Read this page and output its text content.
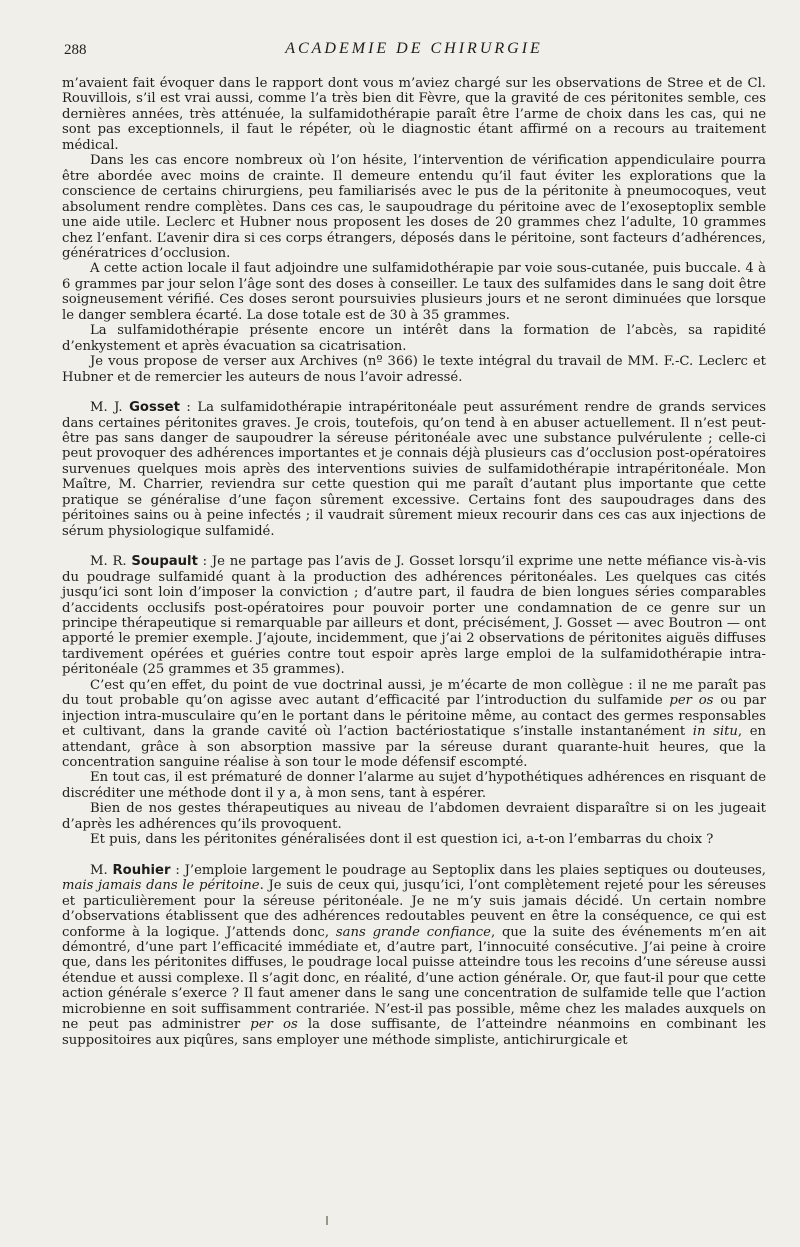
288	ACADEMIE DE CHIRURGIE

m’avaient fait évoquer dans le rapport dont vous m’aviez chargé sur les observations de Stree et de Cl. Rouvillois, s’il est vrai aussi, comme l’a très bien dit Fèvre, que la gravité de ces péritonites semble, ces dernières années, très atténuée, la sulfamidothérapie paraît être l’arme de choix dans les cas, qui ne sont pas exceptionnels, il faut le répéter, où le diagnostic étant affirmé on a recours au traitement médical.

Dans les cas encore nombreux où l’on hésite, l’intervention de vérification appendiculaire pourra être abordée avec moins de crainte. Il demeure entendu qu’il faut éviter les explorations que la conscience de certains chirurgiens, peu familiarisés avec le pus de la péritonite à pneumocoques, veut absolument rendre complètes. Dans ces cas, le saupoudrage du péritoine avec de l’exoseptoplix semble une aide utile. Leclerc et Hubner nous proposent les doses de 20 grammes chez l’adulte, 10 grammes chez l’enfant. L’avenir dira si ces corps étrangers, déposés dans le péritoine, sont facteurs d’adhérences, génératrices d’occlusion.

A cette action locale il faut adjoindre une sulfamidothérapie par voie sous-cutanée, puis buccale. 4 à 6 grammes par jour selon l’âge sont des doses à conseiller. Le taux des sulfamides dans le sang doit être soigneusement vérifié. Ces doses seront poursuivies plusieurs jours et ne seront diminuées que lorsque le danger semblera écarté. La dose totale est de 30 à 35 grammes.

La sulfamidothérapie présente encore un intérêt dans la formation de l’abcès, sa rapidité d’enkystement et après évacuation sa cicatrisation.

Je vous propose de verser aux Archives (nº 366) le texte intégral du travail de MM. F.-C. Leclerc et Hubner et de remercier les auteurs de nous l’avoir adressé.

M. J. Gosset : La sulfamidothérapie intrapéritonéale peut assurément rendre de grands services dans certaines péritonites graves. Je crois, toutefois, qu’on tend à en abuser actuellement. Il n’est peut-être pas sans danger de saupoudrer la séreuse péritonéale avec une substance pulvérulente ; celle-ci peut provoquer des adhérences importantes et je connais déjà plusieurs cas d’occlusion post-opératoires survenues quelques mois après des interventions suivies de sulfamidothérapie intrapéritonéale. Mon Maître, M. Charrier, reviendra sur cette question qui me paraît d’autant plus importante que cette pratique se généralise d’une façon sûrement excessive. Certains font des saupoudrages dans des péritoines sains ou à peine infectés ; il vaudrait sûrement mieux recourir dans ces cas aux injections de sérum physiologique sulfamidé.

M. R. Soupault : Je ne partage pas l’avis de J. Gosset lorsqu’il exprime une nette méfiance vis-à-vis du poudrage sulfamidé quant à la production des adhérences péritonéales. Les quelques cas cités jusqu’ici sont loin d’imposer la conviction ; d’autre part, il faudra de bien longues séries comparables d’accidents occlusifs post-opératoires pour pouvoir porter une condamnation de ce genre sur un principe thérapeutique si remarquable par ailleurs et dont, précisément, J. Gosset — avec Boutron — ont apporté le premier exemple. J’ajoute, incidemment, que j’ai 2 observations de péritonites aiguës diffuses tardivement opérées et guéries contre tout espoir après large emploi de la sulfamidothérapie intra-péritonéale (25 grammes et 35 grammes).

C’est qu’en effet, du point de vue doctrinal aussi, je m’écarte de mon collègue : il ne me paraît pas du tout probable qu’on agisse avec autant d’efficacité par l’introduction du sulfamide per os ou par injection intra-musculaire qu’en le portant dans le péritoine même, au contact des germes responsables et cultivant, dans la grande cavité où l’action bactériostatique s’installe instantanément in situ, en attendant, grâce à son absorption massive par la séreuse durant quarante-huit heures, que la concentration sanguine réalise à son tour le mode défensif escompté.

En tout cas, il est prématuré de donner l’alarme au sujet d’hypothétiques adhérences en risquant de discréditer une méthode dont il y a, à mon sens, tant à espérer.

Bien de nos gestes thérapeutiques au niveau de l’abdomen devraient disparaître si on les jugeait d’après les adhérences qu’ils provoquent.

Et puis, dans les péritonites généralisées dont il est question ici, a-t-on l’embarras du choix ?

M. Rouhier : J’emploie largement le poudrage au Septoplix dans les plaies septiques ou douteuses, mais jamais dans le péritoine. Je suis de ceux qui, jusqu’ici, l’ont complètement rejeté pour les séreuses et particulièrement pour la séreuse péritonéale. Je ne m’y suis jamais décidé. Un certain nombre d’observations établissent que des adhérences redoutables peuvent en être la conséquence, ce qui est conforme à la logique. J’attends donc, sans grande confiance, que la suite des événements m’en ait démontré, d’une part l’efficacité immédiate et, d’autre part, l’innocuité consécutive. J’ai peine à croire que, dans les péritonites diffuses, le poudrage local puisse atteindre tous les recoins d’une séreuse aussi étendue et aussi complexe. Il s’agit donc, en réalité, d’une action générale. Or, que faut-il pour que cette action générale s’exerce ? Il faut amener dans le sang une concentration de sulfamide telle que l’action microbienne en soit suffisamment contrariée. N’est-il pas possible, même chez les malades auxquels on ne peut pas administrer per os la dose suffisante, de l’atteindre néanmoins en combinant les suppositoires aux piqûres, sans employer une méthode simpliste, antichirurgicale et
